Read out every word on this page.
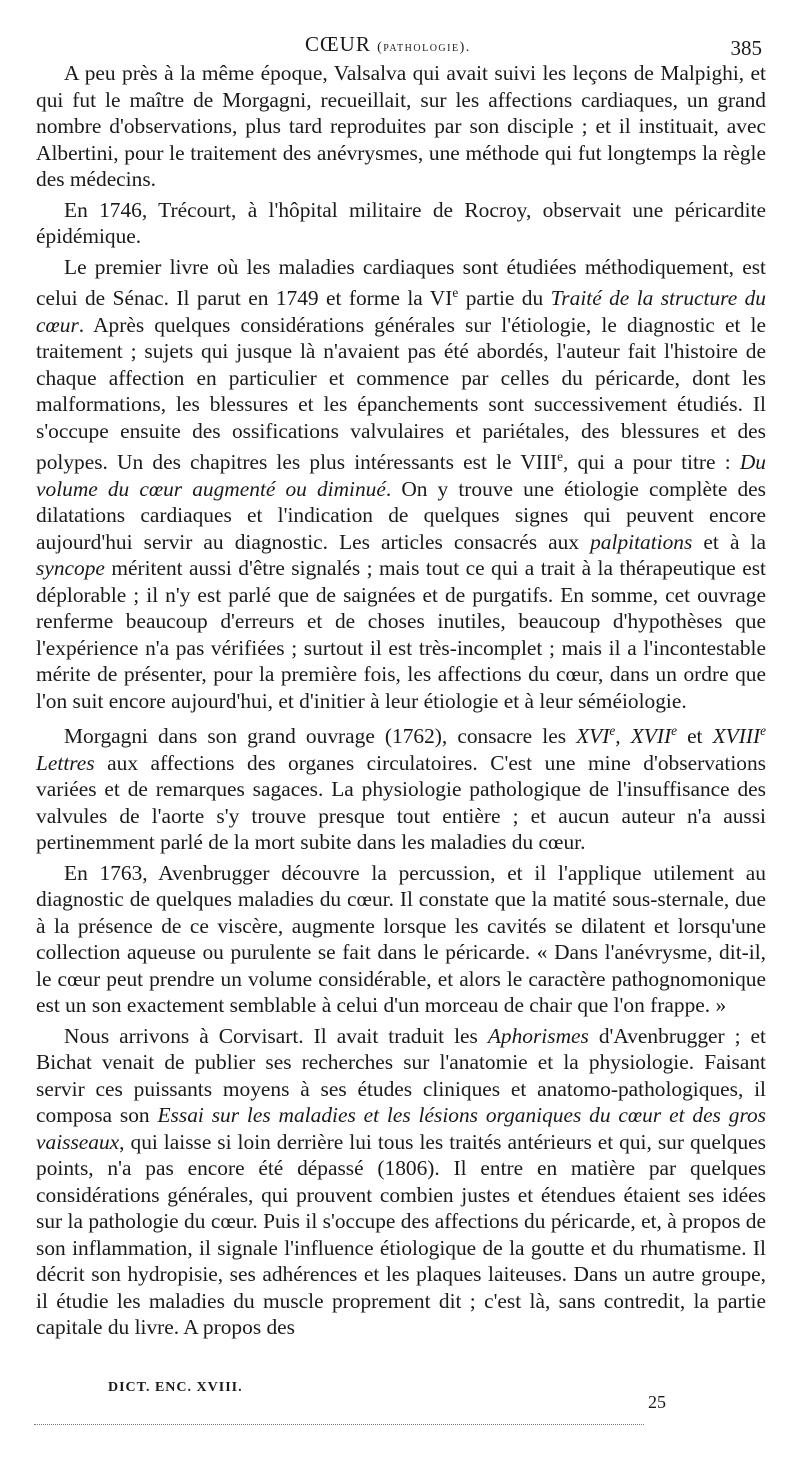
CŒUR (pathologie).	385

A peu près à la même époque, Valsalva qui avait suivi les leçons de Malpighi, et qui fut le maître de Morgagni, recueillait, sur les affections cardiaques, un grand nombre d'observations, plus tard reproduites par son disciple ; et il instituait, avec Albertini, pour le traitement des anévrysmes, une méthode qui fut longtemps la règle des médecins.

En 1746, Trécourt, à l'hôpital militaire de Rocroy, observait une péricardite épidémique.

Le premier livre où les maladies cardiaques sont étudiées méthodiquement, est celui de Sénac. Il parut en 1749 et forme la VIe partie du Traité de la structure du cœur. Après quelques considérations générales sur l'étiologie, le diagnostic et le traitement ; sujets qui jusque là n'avaient pas été abordés, l'auteur fait l'histoire de chaque affection en particulier et commence par celles du péricarde, dont les malformations, les blessures et les épanchements sont successivement étudiés. Il s'occupe ensuite des ossifications valvulaires et pariétales, des blessures et des polypes. Un des chapitres les plus intéressants est le VIIIe, qui a pour titre : Du volume du cœur augmenté ou diminué. On y trouve une étiologie complète des dilatations cardiaques et l'indication de quelques signes qui peuvent encore aujourd'hui servir au diagnostic. Les articles consacrés aux palpitations et à la syncope méritent aussi d'être signalés ; mais tout ce qui a trait à la thérapeutique est déplorable ; il n'y est parlé que de saignées et de purgatifs. En somme, cet ouvrage renferme beaucoup d'erreurs et de choses inutiles, beaucoup d'hypothèses que l'expérience n'a pas vérifiées ; surtout il est très-incomplet ; mais il a l'incontestable mérite de présenter, pour la première fois, les affections du cœur, dans un ordre que l'on suit encore aujourd'hui, et d'initier à leur étiologie et à leur séméiologie.

Morgagni dans son grand ouvrage (1762), consacre les XVIe, XVIIe et XVIIIe Lettres aux affections des organes circulatoires. C'est une mine d'observations variées et de remarques sagaces. La physiologie pathologique de l'insuffisance des valvules de l'aorte s'y trouve presque tout entière ; et aucun auteur n'a aussi pertinemment parlé de la mort subite dans les maladies du cœur.

En 1763, Avenbrugger découvre la percussion, et il l'applique utilement au diagnostic de quelques maladies du cœur. Il constate que la matité sous-sternale, due à la présence de ce viscère, augmente lorsque les cavités se dilatent et lorsqu'une collection aqueuse ou purulente se fait dans le péricarde. « Dans l'anévrysme, dit-il, le cœur peut prendre un volume considérable, et alors le caractère pathognomonique est un son exactement semblable à celui d'un morceau de chair que l'on frappe. »

Nous arrivons à Corvisart. Il avait traduit les Aphorismes d'Avenbrugger ; et Bichat venait de publier ses recherches sur l'anatomie et la physiologie. Faisant servir ces puissants moyens à ses études cliniques et anatomo-pathologiques, il composa son Essai sur les maladies et les lésions organiques du cœur et des gros vaisseaux, qui laisse si loin derrière lui tous les traités antérieurs et qui, sur quelques points, n'a pas encore été dépassé (1806). Il entre en matière par quelques considérations générales, qui prouvent combien justes et étendues étaient ses idées sur la pathologie du cœur. Puis il s'occupe des affections du péricarde, et, à propos de son inflammation, il signale l'influence étiologique de la goutte et du rhumatisme. Il décrit son hydropisie, ses adhérences et les plaques laiteuses. Dans un autre groupe, il étudie les maladies du muscle proprement dit ; c'est là, sans contredit, la partie capitale du livre. A propos des

DICT. ENC. XVIII.
25
